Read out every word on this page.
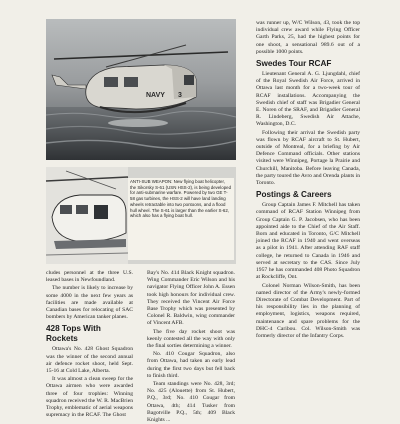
NAVY 3
ANTI-SUB WEAPON: New flying boat helicopter, the Sikorsky S-61 (USN HSS-2), is being developed for anti-submarine warfare. Powered by two GE T-58 gas turbines, the HSS-2 will have land landing wheels retractable into two pontoons, and a flood hull wheel. The S-61 is larger than the earlier S-62, which also has a flying boat hull.

cludes personnel at the three U.S. leased bases in Newfoundland.

The number is likely to increase by some 4000 in the next few years as facilities are made available at Canadian bases for relocating of SAC bombers by American tanker planes.

428 Tops With Rockets

Ottawa's No. 428 Ghost Squadron was the winner of the second annual air defence rocket shoot, held Sept. 15-16 at Cold Lake, Alberta.

It was almost a clean sweep for the Ottawa airmen who were awarded three of four trophies: Winning squadron received the W. R. MacBrien Trophy, emblematic of aerial weapons supremacy in the RCAF. The Ghost

Bay's No. 414 Black Knight squadron. Wing Commander Eric Wilson and his navigator Flying Officer John A. Essen took high honours for individual crew. They received the Vincent Air Force Base Trophy which was presented by Colonel R. Baldwin, wing commander of Vincent AFB.

The five day rocket shoot was keenly contested all the way with only the final sorties determining a winner.

No. 410 Cougar Squadron, also from Ottawa, had taken an early lead during the first two days but fell back to finish third.

Team standings were No. 428, 3rd; No. 425 (Alouette) from St. Hubert, P.Q., 3rd; No. 410 Cougar from Ottawa, 4th; 414 Tusker from Bagotville P.Q., 5th; 409 Black Knights ...

was runner up, W/C Wilson, 43, took the top individual crew award while Flying Officer Garth Parks, 25, had the highest points for one shoot, a sensational 989.6 out of a possible 1000 points.

Swedes Tour RCAF

Lieutenant General A. G. Ljungdahl, chief of the Royal Swedish Air Force, arrived in Ottawa last month for a two-week tour of RCAF installations. Accompanying the Swedish chief of staff was Brigadier General E. Noren of the SRAF, and Brigadier General R. Lindeberg, Swedish Air Attache, Washington, D.C.

Following their arrival the Swedish party was flown by RCAF aircraft to St. Hubert, outside of Montreal, for a briefing by Air Defence Command officials. Other stations visited were Winnipeg, Portage la Prairie and Churchill, Manitoba. Before leaving Canada, the party toured the Avro and Orenda plants in Toronto.

Postings & Careers

Group Captain James F. Mitchell has taken command of RCAF Station Winnipeg from Group Captain G. P. Jacobsen, who has been appointed aide to the Chief of the Air Staff. Born and educated in Toronto, G/C Mitchell joined the RCAF in 1940 and went overseas as a pilot in 1941. After attending RAF staff college, he returned to Canada in 1946 and served at secretary to the CAS. Since July 1957 he has commanded 408 Photo Squadron at Rockcliffe, Ont.

Colonel Norman Wilson-Smith, has been named director of the Army's newly-formed Directorate of Combat Development. Part of his responsibility lies in the planning of employment, logistics, weapons required, maintenance and spare problems for the DHC-4 Caribou. Col. Wilson-Smith was formerly director of the Infantry Corps.
